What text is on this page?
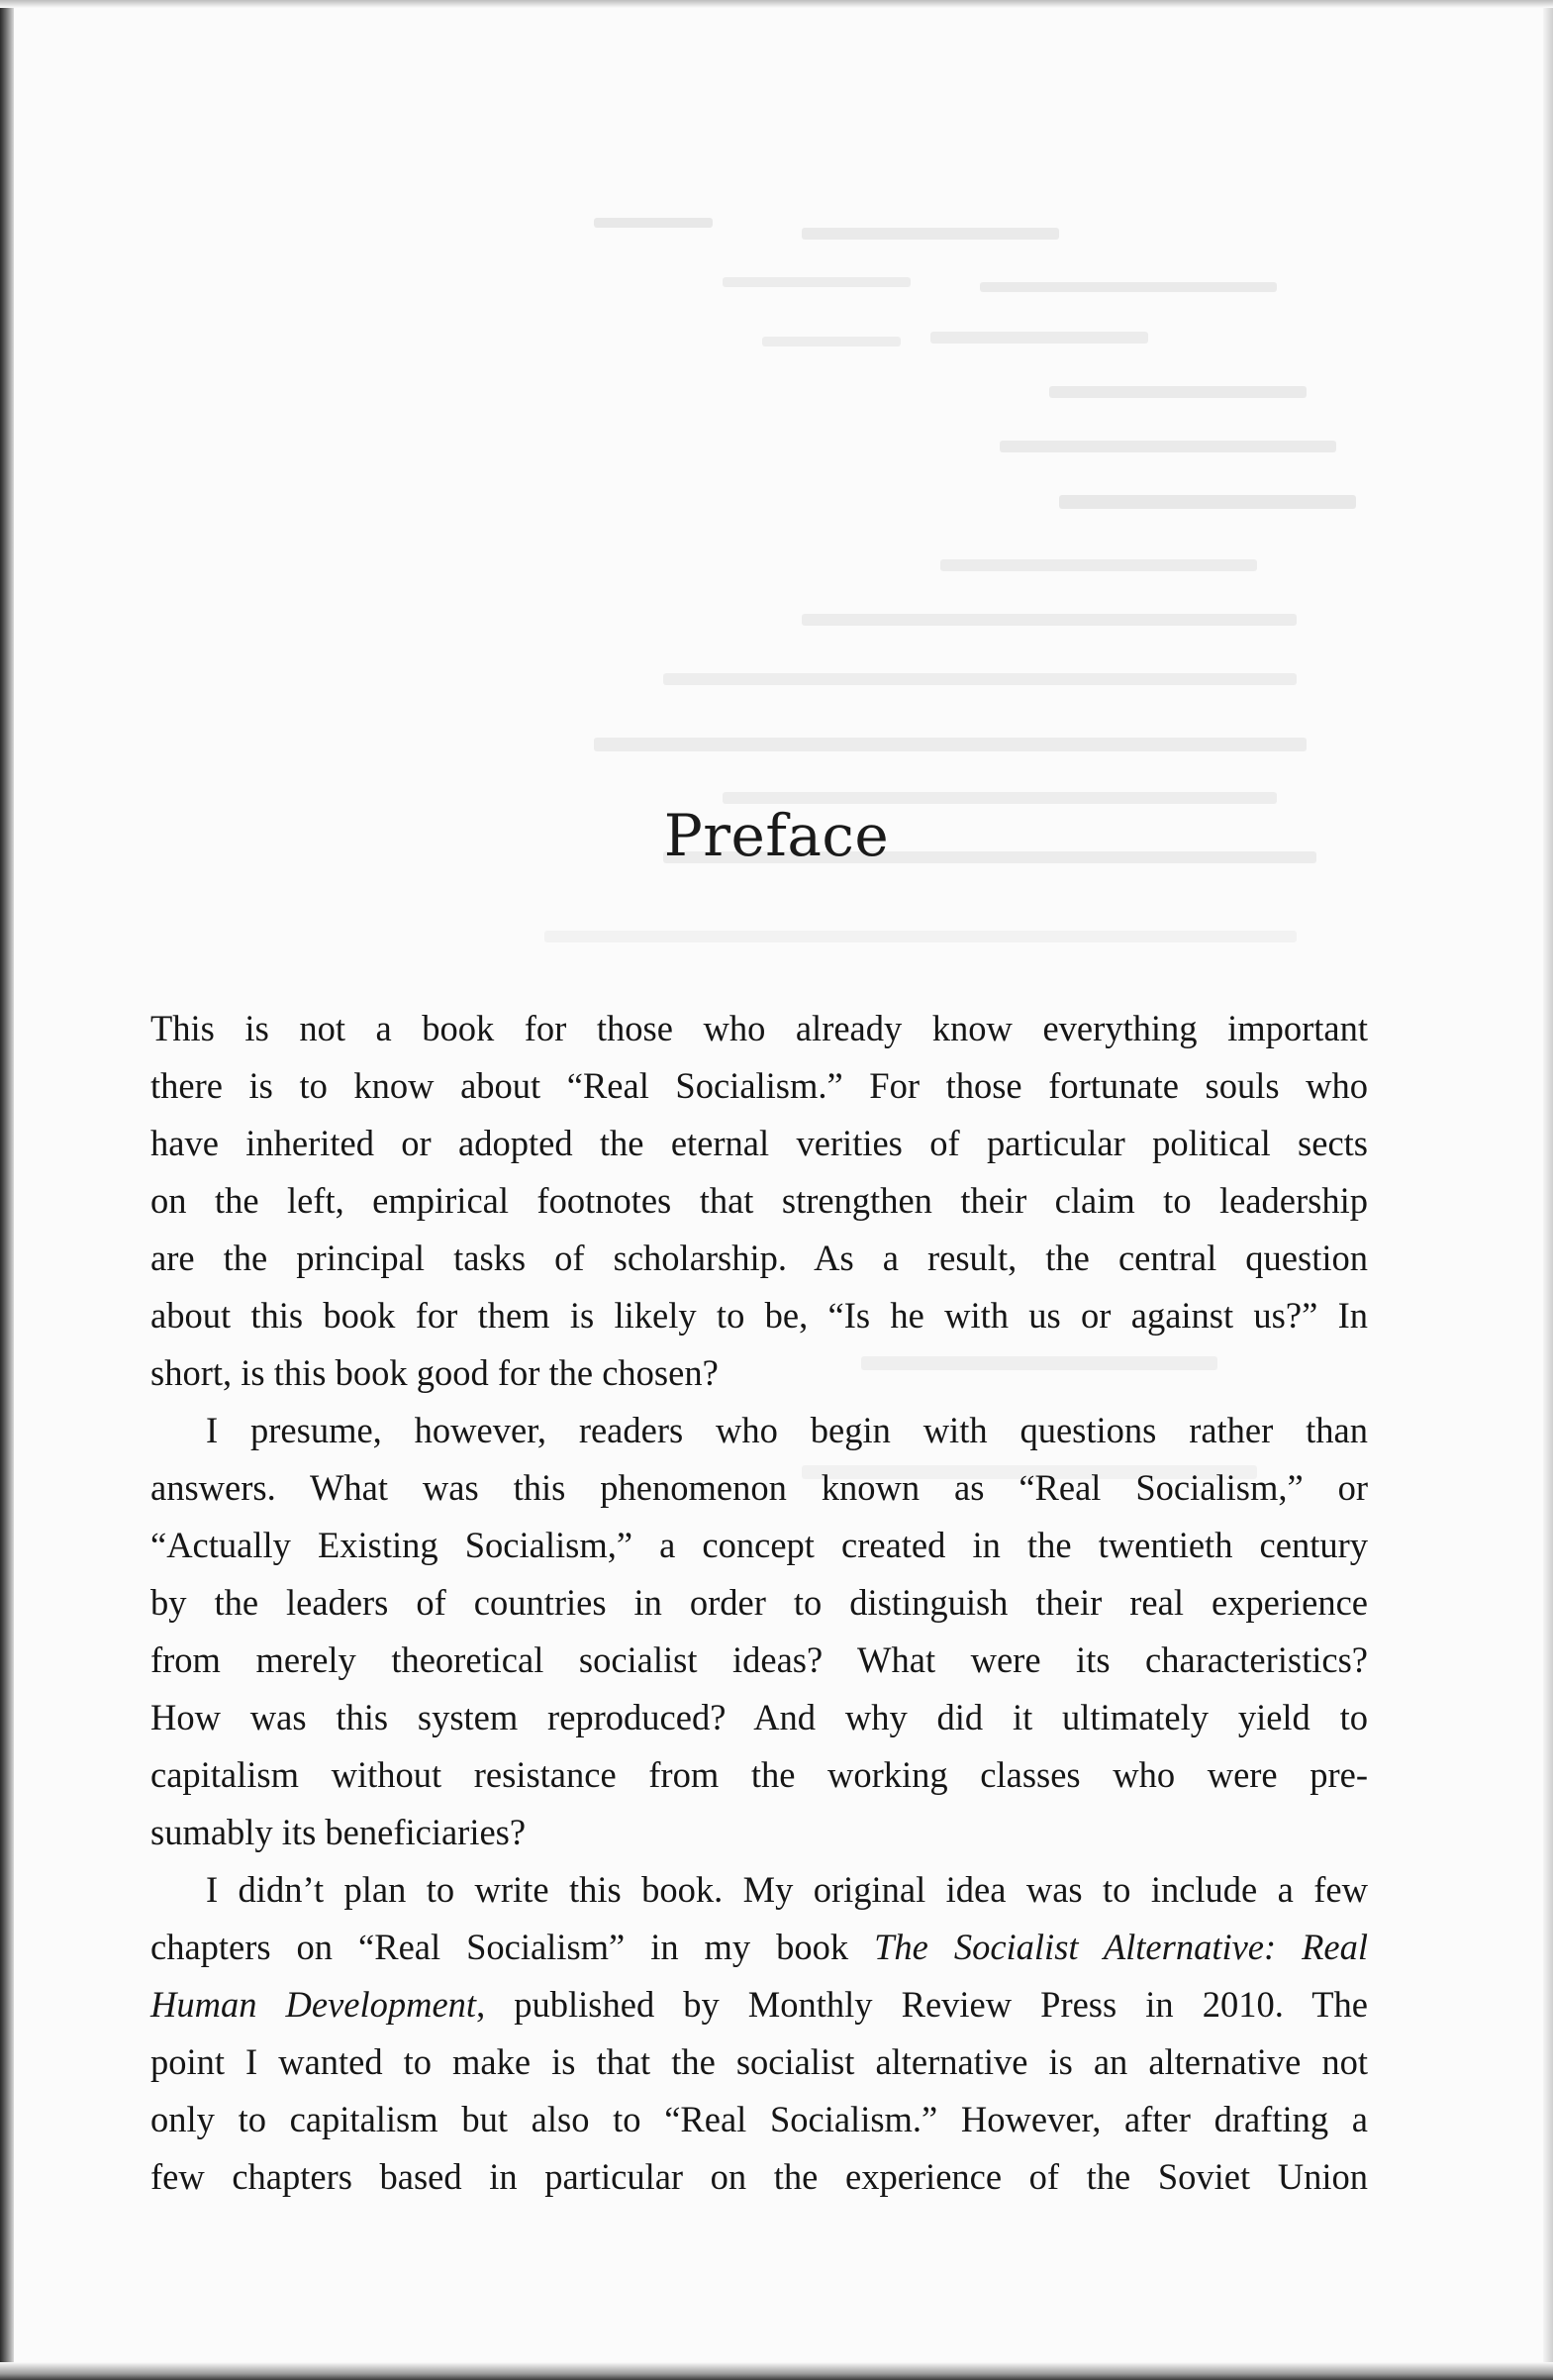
Preface
This is not a book for those who already know everything important
there is to know about “Real Socialism.” For those fortunate souls who
have inherited or adopted the eternal verities of particular political sects
on the left, empirical footnotes that strengthen their claim to leadership
are the principal tasks of scholarship. As a result, the central question
about this book for them is likely to be, “Is he with us or against us?” In
short, is this book good for the chosen?
I presume, however, readers who begin with questions rather than
answers. What was this phenomenon known as “Real Socialism,” or
“Actually Existing Socialism,” a concept created in the twentieth century
by the leaders of countries in order to distinguish their real experience
from merely theoretical socialist ideas? What were its characteristics?
How was this system reproduced? And why did it ultimately yield to
capitalism without resistance from the working classes who were pre-
sumably its beneficiaries?
I didn’t plan to write this book. My original idea was to include a few
chapters on “Real Socialism” in my book The Socialist Alternative: Real
Human Development, published by Monthly Review Press in 2010. The
point I wanted to make is that the socialist alternative is an alternative not
only to capitalism but also to “Real Socialism.” However, after drafting a
few chapters based in particular on the experience of the Soviet Union
